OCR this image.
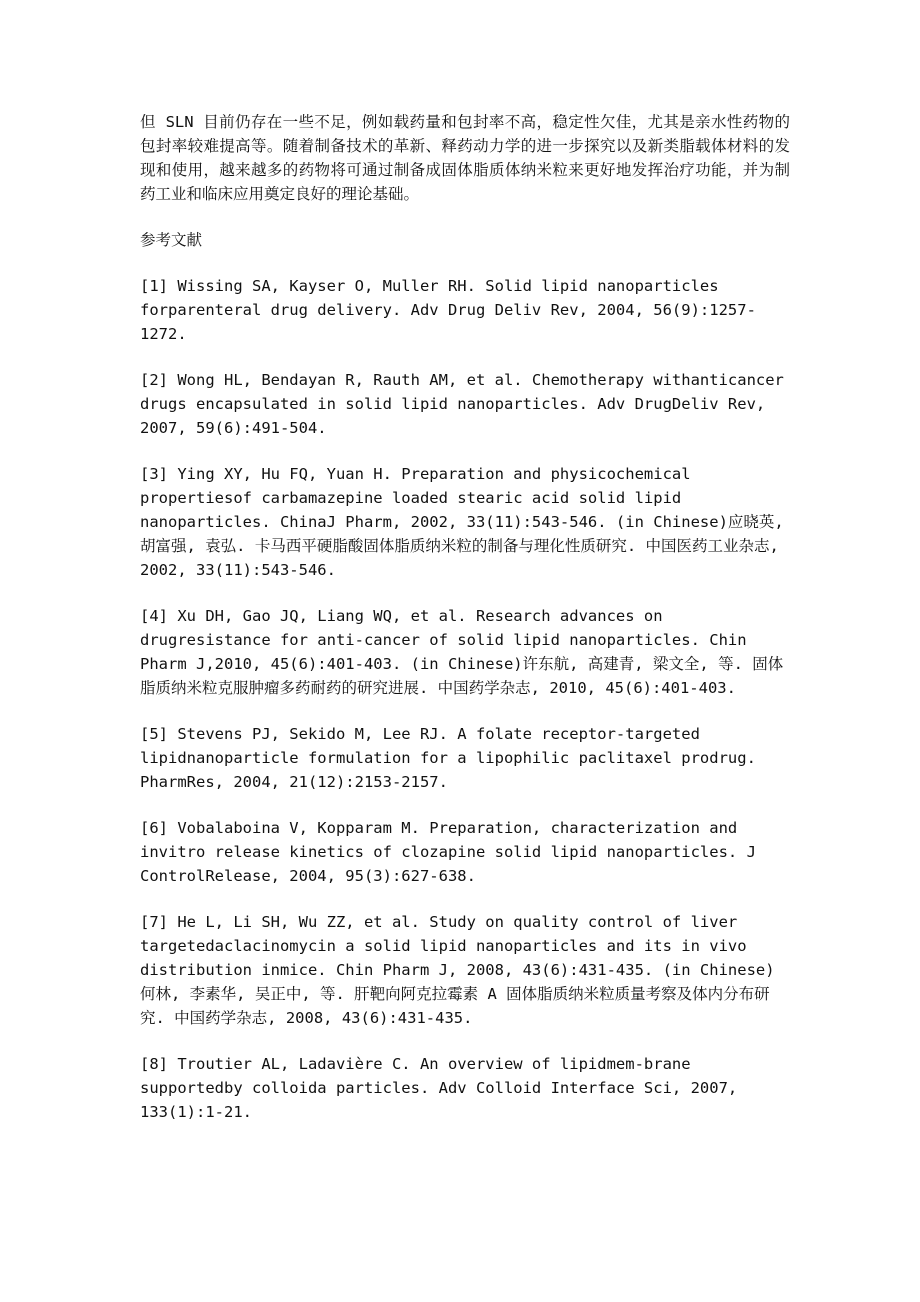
但 SLN 目前仍存在一些不足，例如载药量和包封率不高，稳定性欠佳，尤其是亲水性药物的包封率较难提高等。随着制备技术的革新、释药动力学的进一步探究以及新类脂载体材料的发现和使用，越来越多的药物将可通过制备成固体脂质体纳米粒来更好地发挥治疗功能，并为制药工业和临床应用奠定良好的理论基础。

参考文献

[1] Wissing SA, Kayser O, Muller RH. Solid lipid nanoparticles forparenteral drug delivery. Adv Drug Deliv Rev, 2004, 56(9):1257-1272.

[2] Wong HL, Bendayan R, Rauth AM, et al. Chemotherapy withanticancer drugs encapsulated in solid lipid nanoparticles. Adv DrugDeliv Rev, 2007, 59(6):491-504.

[3] Ying XY, Hu FQ, Yuan H. Preparation and physicochemical propertiesof carbamazepine loaded stearic acid solid lipid nanoparticles. ChinaJ Pharm, 2002, 33(11):543-546. (in Chinese)应晓英, 胡富强, 袁弘. 卡马西平硬脂酸固体脂质纳米粒的制备与理化性质研究. 中国医药工业杂志, 2002, 33(11):543-546.

[4] Xu DH, Gao JQ, Liang WQ, et al. Research advances on drugresistance for anti-cancer of solid lipid nanoparticles. Chin Pharm J,2010, 45(6):401-403. (in Chinese)许东航, 高建青, 梁文全, 等. 固体脂质纳米粒克服肿瘤多药耐药的研究进展. 中国药学杂志, 2010, 45(6):401-403.

[5] Stevens PJ, Sekido M, Lee RJ. A folate receptor-targeted lipidnanoparticle formulation for a lipophilic paclitaxel prodrug. PharmRes, 2004, 21(12):2153-2157.

[6] Vobalaboina V, Kopparam M. Preparation, characterization and invitro release kinetics of clozapine solid lipid nanoparticles. J ControlRelease, 2004, 95(3):627-638.

[7] He L, Li SH, Wu ZZ, et al. Study on quality control of liver targetedaclacinomycin a solid lipid nanoparticles and its in vivo distribution inmice. Chin Pharm J, 2008, 43(6):431-435. (in Chinese)何林, 李素华, 吴正中, 等. 肝靶向阿克拉霉素 A 固体脂质纳米粒质量考察及体内分布研究. 中国药学杂志, 2008, 43(6):431-435.

[8] Troutier AL, Ladavière C. An overview of lipidmem-brane supportedby colloida particles. Adv Colloid Interface Sci, 2007, 133(1):1-21.
